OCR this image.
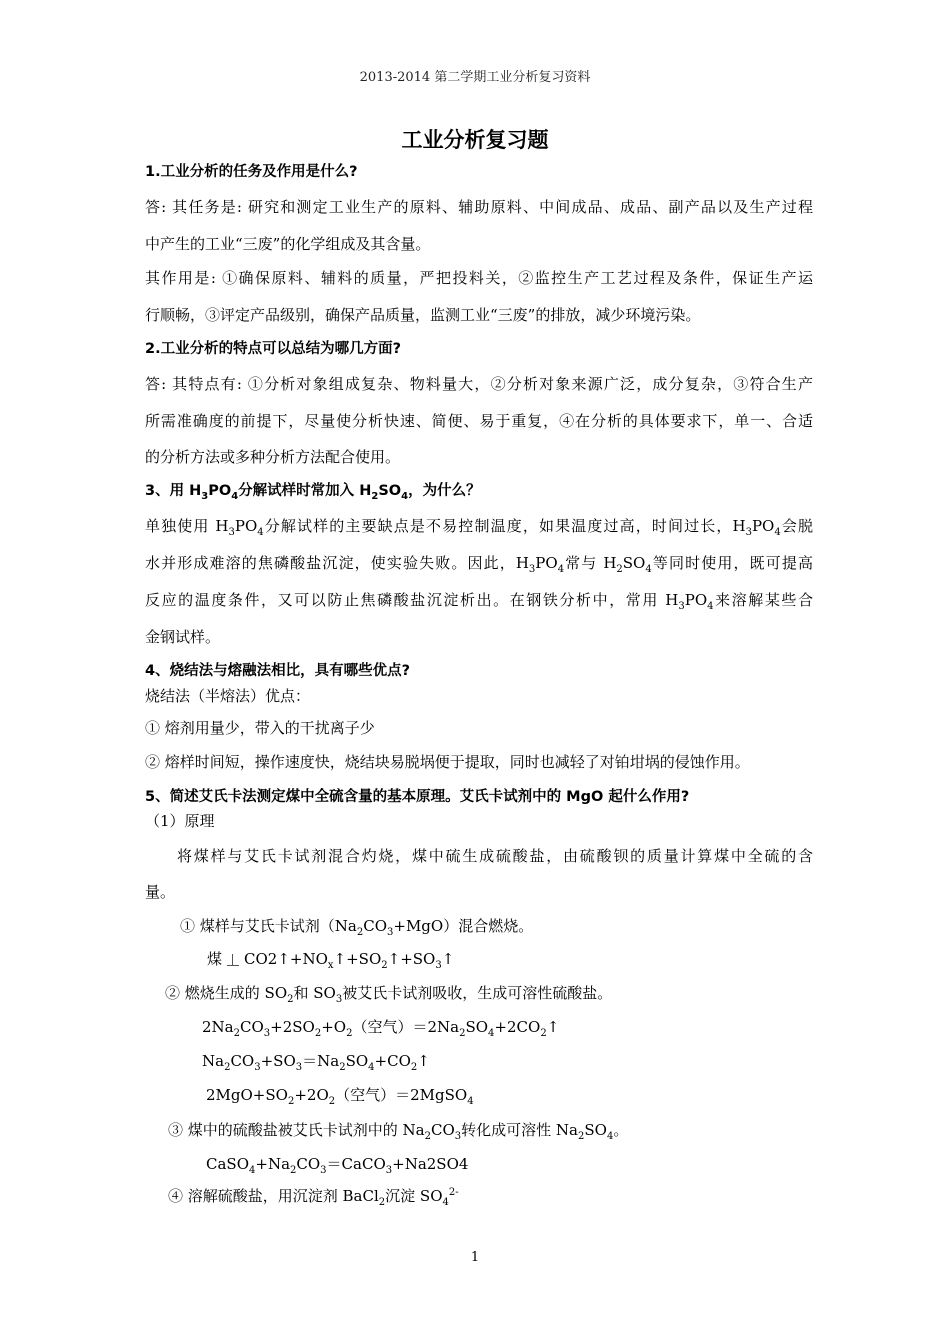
2013-2014 第二学期工业分析复习资料
工业分析复习题
1.工业分析的任务及作用是什么?
答: 其任务是: 研究和测定工业生产的原料、辅助原料、中间成品、成品、副产品以及生产过程
中产生的工业“三废”的化学组成及其含量。
其作用是: ①确保原料、辅料的质量，严把投料关，②监控生产工艺过程及条件，保证生产运
行顺畅，③评定产品级别，确保产品质量，监测工业“三废”的排放，减少环境污染。
2.工业分析的特点可以总结为哪几方面?
答: 其特点有: ①分析对象组成复杂、物料量大，②分析对象来源广泛，成分复杂，③符合生产
所需准确度的前提下，尽量使分析快速、简便、易于重复，④在分析的具体要求下，单一、合适
的分析方法或多种分析方法配合使用。
3、用 $H_3PO_4$分解试样时常加入 $H_2SO_4$，为什么？
单独使用 $H_3PO_4$分解试样的主要缺点是不易控制温度，如果温度过高，时间过长，$H_3PO_4$会脱
水并形成难溶的焦磷酸盐沉淀，使实验失败。因此，$H_3PO_4$常与 $H_2SO_4$等同时使用，既可提高
反应的温度条件，又可以防止焦磷酸盐沉淀析出。在钢铁分析中，常用 $H_3PO_4$来溶解某些合
金钢试样。
4、烧结法与熔融法相比，具有哪些优点?
烧结法（半熔法）优点：
① 熔剂用量少，带入的干扰离子少
② 熔样时间短，操作速度快，烧结块易脱埚便于提取，同时也减轻了对铂坩埚的侵蚀作用。
5、简述艾氏卡法测定煤中全硫含量的基本原理。艾氏卡试剂中的 MgO 起什么作用?
（1）原理
将煤样与艾氏卡试剂混合灼烧，煤中硫生成硫酸盐，由硫酸钡的质量计算煤中全硫的含
量。
① 煤样与艾氏卡试剂$(Na_2CO_3+MgO)$混合燃烧。
煤 $CO2↑+NO_x↑+SO_2↑+SO_3↑$
② 燃烧生成的 $SO_2$和 $SO_3$被艾氏卡试剂吸收，生成可溶性硫酸盐。
$2Na_2CO_3+2SO_2+O_2$（空气）$=2Na_2SO_4+2CO_2↑$
$Na_2CO_3+SO_3=Na_2SO_4+CO_2↑$
$2MgO+SO_2+2O_2$（空气）＝2MgSO$_4$
③ 煤中的硫酸盐被艾氏卡试剂中的 $Na_2CO_3$转化成可溶性 $Na_2SO_4$。
$CaSO_4+Na_2CO_3=CaCO_3+Na2SO4$
④ 溶解硫酸盐，用沉淀剂 BaCl$_2$沉淀 $SO_4^{2-}$
1
